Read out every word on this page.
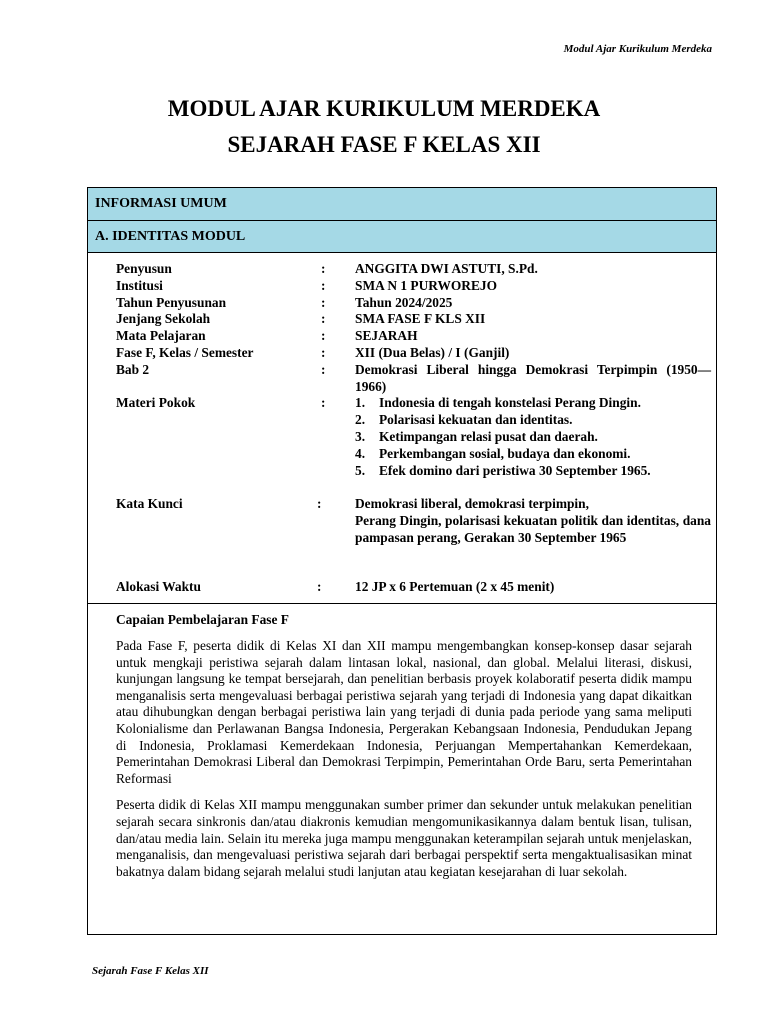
Modul Ajar Kurikulum Merdeka
MODUL AJAR KURIKULUM MERDEKA
SEJARAH FASE F KELAS XII
INFORMASI UMUM
A. IDENTITAS MODUL
Penyusun	: ANGGITA DWI ASTUTI, S.Pd.
Institusi	: SMA N 1 PURWOREJO
Tahun Penyusunan	: Tahun 2024/2025
Jenjang Sekolah	: SMA FASE F KLS XII
Mata Pelajaran	: SEJARAH
Fase F, Kelas / Semester	: XII (Dua Belas) / I (Ganjil)
Bab 2	: Demokrasi Liberal hingga Demokrasi Terpimpin (1950—1966)
Materi Pokok	: 1. Indonesia di tengah konstelasi Perang Dingin.
2. Polarisasi kekuatan dan identitas.
3. Ketimpangan relasi pusat dan daerah.
4. Perkembangan sosial, budaya dan ekonomi.
5. Efek domino dari peristiwa 30 September 1965.
Kata Kunci	:	Demokrasi liberal, demokrasi terpimpin,
Perang Dingin, polarisasi kekuatan politik dan identitas, dana pampasan perang, Gerakan 30 September 1965
Alokasi Waktu	:	12 JP x 6 Pertemuan (2 x 45 menit)
Capaian Pembelajaran Fase F

Pada Fase F, peserta didik di Kelas XI dan XII mampu mengembangkan konsep-konsep dasar sejarah untuk mengkaji peristiwa sejarah dalam lintasan lokal, nasional, dan global. Melalui literasi, diskusi, kunjungan langsung ke tempat bersejarah, dan penelitian berbasis proyek kolaboratif peserta didik mampu menganalisis serta mengevaluasi berbagai peristiwa sejarah yang terjadi di Indonesia yang dapat dikaitkan atau dihubungkan dengan berbagai peristiwa lain yang terjadi di dunia pada periode yang sama meliputi Kolonialisme dan Perlawanan Bangsa Indonesia, Pergerakan Kebangsaan Indonesia, Pendudukan Jepang di Indonesia, Proklamasi Kemerdekaan Indonesia, Perjuangan Mempertahankan Kemerdekaan, Pemerintahan Demokrasi Liberal dan Demokrasi Terpimpin, Pemerintahan Orde Baru, serta Pemerintahan Reformasi

Peserta didik di Kelas XII mampu menggunakan sumber primer dan sekunder untuk melakukan penelitian sejarah secara sinkronis dan/atau diakronis kemudian mengomunikasikannya dalam bentuk lisan, tulisan, dan/atau media lain. Selain itu mereka juga mampu menggunakan keterampilan sejarah untuk menjelaskan, menganalisis, dan mengevaluasi peristiwa sejarah dari berbagai perspektif serta mengaktualisasikan minat bakatnya dalam bidang sejarah melalui studi lanjutan atau kegiatan kesejarahan di luar sekolah.

Sejarah Fase F Kelas XII
